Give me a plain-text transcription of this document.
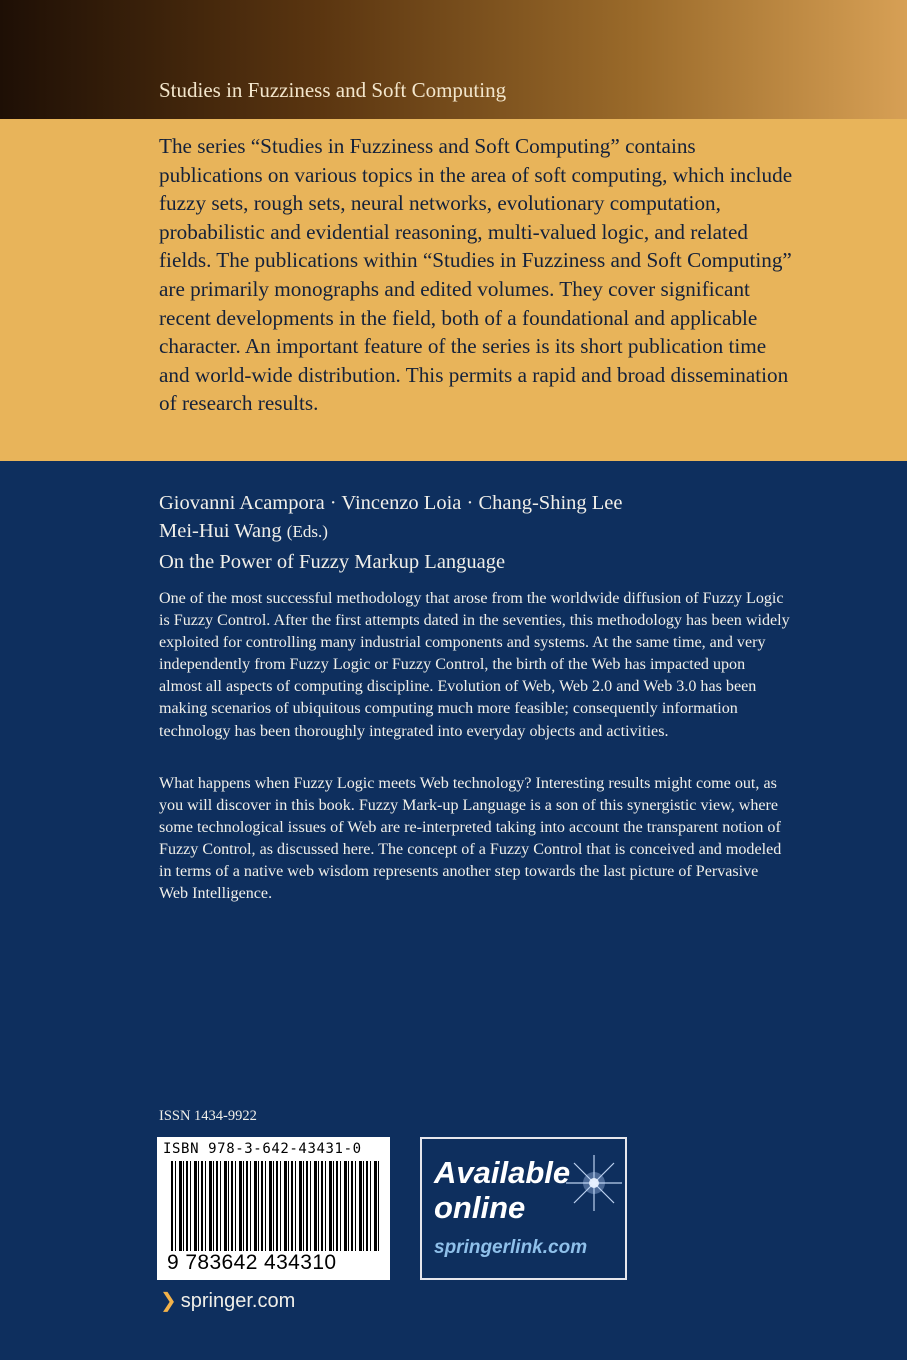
Studies in Fuzziness and Soft Computing
The series “Studies in Fuzziness and Soft Computing” contains publications on various topics in the area of soft computing, which include fuzzy sets, rough sets, neural networks, evolutionary computation, probabilistic and evidential reasoning, multi-valued logic, and related fields. The publications within “Studies in Fuzziness and Soft Computing” are primarily monographs and edited volumes. They cover significant recent developments in the field, both of a foundational and applicable character. An important feature of the series is its short publication time and world-wide distribution. This permits a rapid and broad dissemination of research results.
Giovanni Acampora · Vincenzo Loia · Chang-Shing Lee
Mei-Hui Wang (Eds.)
On the Power of Fuzzy Markup Language
One of the most successful methodology that arose from the worldwide diffusion of Fuzzy Logic is Fuzzy Control. After the first attempts dated in the seventies, this methodology has been widely exploited for controlling many industrial components and systems. At the same time, and very independently from Fuzzy Logic or Fuzzy Control, the birth of the Web has impacted upon almost all aspects of computing discipline. Evolution of Web, Web 2.0 and Web 3.0 has been making scenarios of ubiquitous computing much more feasible; consequently information technology has been thoroughly integrated into everyday objects and activities.
What happens when Fuzzy Logic meets Web technology? Interesting results might come out, as you will discover in this book. Fuzzy Mark-up Language is a son of this synergistic view, where some technological issues of Web are re-interpreted taking into account the transparent notion of Fuzzy Control, as discussed here. The concept of a Fuzzy Control that is conceived and modeled in terms of a native web wisdom represents another step towards the last picture of Pervasive Web Intelligence.
ISSN 1434-9922
ISBN 978-3-642-43431-0
9 783642 434310
❯ springer.com
Available
online
springerlink.com
